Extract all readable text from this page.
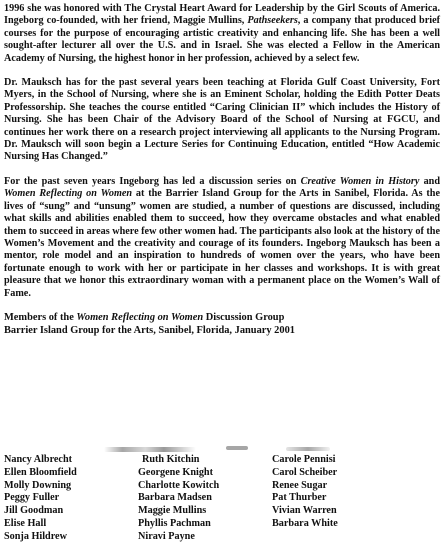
1996 she was honored with The Crystal Heart Award for Leadership by the Girl Scouts of America. Ingeborg co-founded, with her friend, Maggie Mullins, Pathseekers, a company that produced brief courses for the purpose of encouraging artistic creativity and enhancing life. She has been a well sought-after lecturer all over the U.S. and in Israel. She was elected a Fellow in the American Academy of Nursing, the highest honor in her profession, achieved by a select few.

Dr. Mauksch has for the past several years been teaching at Florida Gulf Coast University, Fort Myers, in the School of Nursing, where she is an Eminent Scholar, holding the Edith Potter Deats Professorship. She teaches the course entitled “Caring Clinician II” which includes the History of Nursing. She has been Chair of the Advisory Board of the School of Nursing at FGCU, and continues her work there on a research project interviewing all applicants to the Nursing Program. Dr. Mauksch will soon begin a Lecture Series for Continuing Education, entitled “How Academic Nursing Has Changed.”

For the past seven years Ingeborg has led a discussion series on Creative Women in History and Women Reflecting on Women at the Barrier Island Group for the Arts in Sanibel, Florida. As the lives of “sung” and “unsung” women are studied, a number of questions are discussed, including what skills and abilities enabled them to succeed, how they overcame obstacles and what enabled them to succeed in areas where few other women had. The participants also look at the history of the Women’s Movement and the creativity and courage of its founders. Ingeborg Mauksch has been a mentor, role model and an inspiration to hundreds of women over the years, who have been fortunate enough to work with her or participate in her classes and workshops. It is with great pleasure that we honor this extraordinary woman with a permanent place on the Women’s Wall of Fame.

Members of the Women Reflecting on Women Discussion Group

Barrier Island Group for the Arts, Sanibel, Florida, January 2001

Nancy Albrecht
Ellen Bloomfield
Molly Downing
Peggy Fuller
Jill Goodman
Elise Hall
Sonja Hildrew
Ruth Kitchin
Georgene Knight
Charlotte Kowitch
Barbara Madsen
Maggie Mullins
Phyllis Pachman
Niravi Payne
Carole Pennisi
Carol Scheiber
Renee Sugar
Pat Thurber
Vivian Warren
Barbara White
